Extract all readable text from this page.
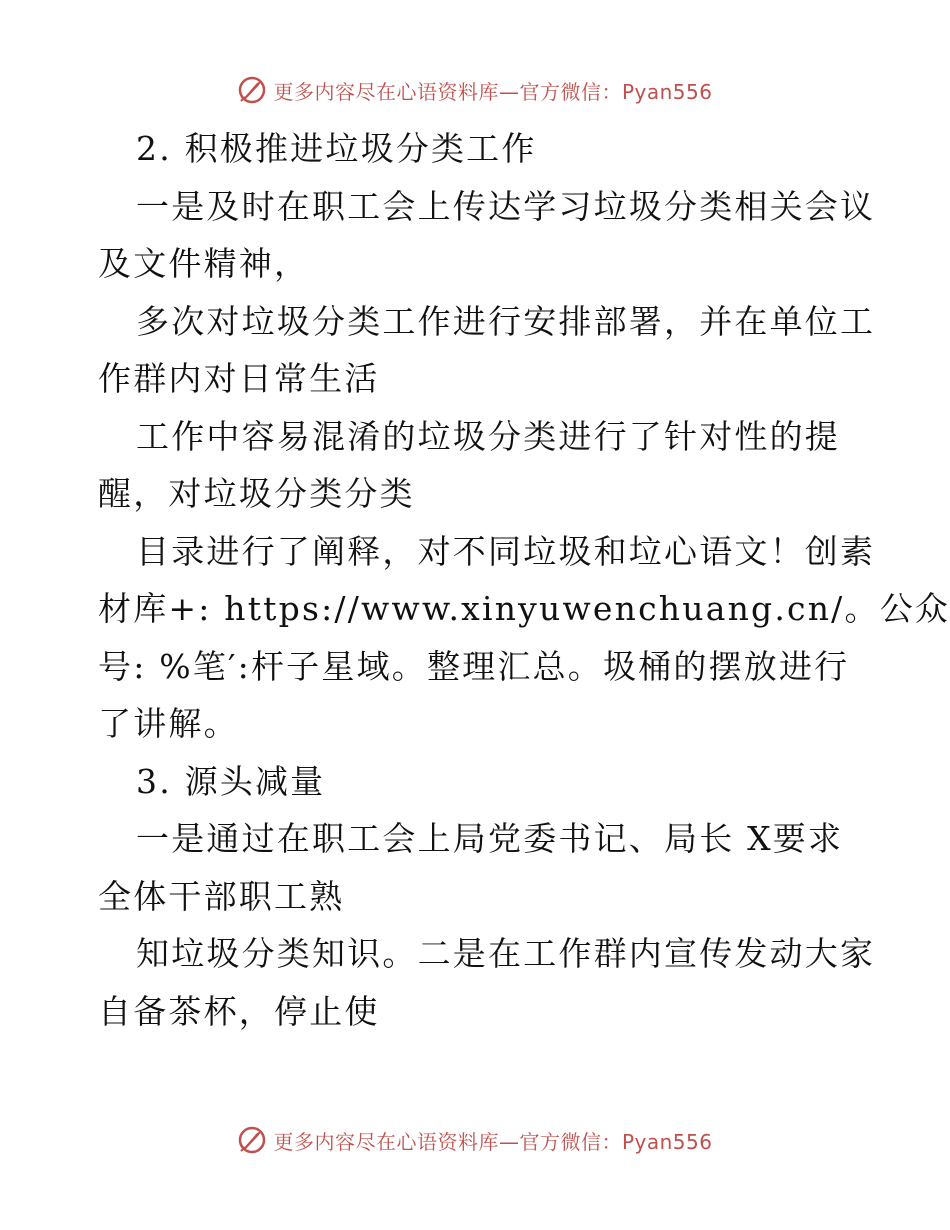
更多内容尽在心语资料库—官方微信：Pyan556
2. 积极推进垃圾分类工作
一是及时在职工会上传达学习垃圾分类相关会议
及文件精神，
多次对垃圾分类工作进行安排部署，并在单位工
作群内对日常生活
工作中容易混淆的垃圾分类进行了针对性的提
醒，对垃圾分类分类
目录进行了阐释，对不同垃圾和垃心语文！创素
材库+: https://www.xinyuwenchuang.cn/。公众
号: %笔′:杆子星域。整理汇总。圾桶的摆放进行
了讲解。
3. 源头减量
一是通过在职工会上局党委书记、局长 X要求
全体干部职工熟
知垃圾分类知识。二是在工作群内宣传发动大家
自备茶杯，停止使
更多内容尽在心语资料库—官方微信：Pyan556
